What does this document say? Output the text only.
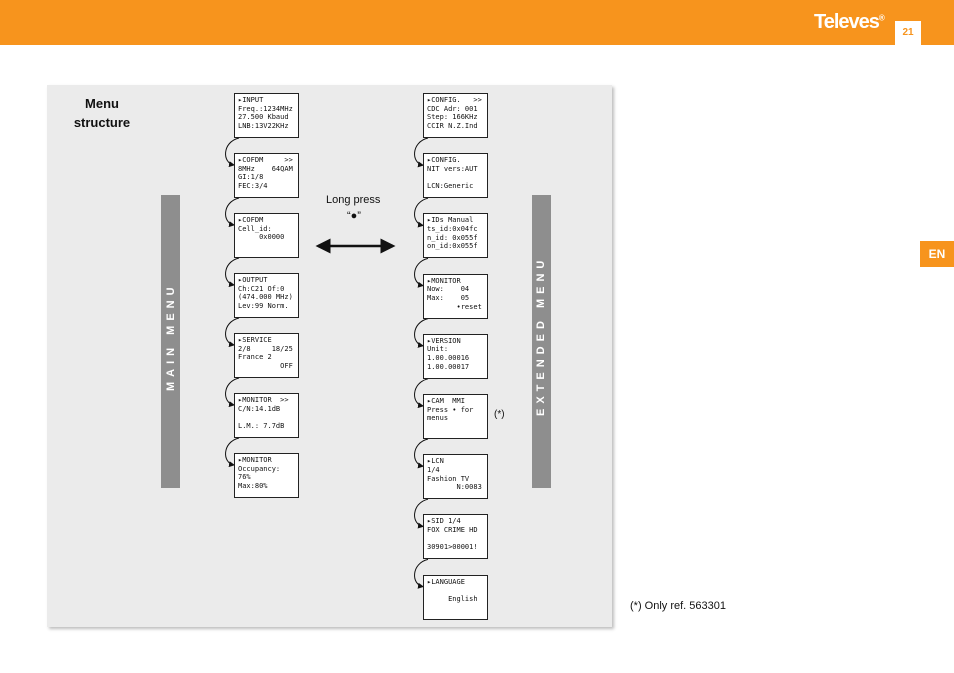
Televes®
21
EN
Menu
structure
MAIN MENU	EXTENDED MENU
▸INPUT
Freq.:1234MHz
27.500 Kbaud
LNB:13V22KHz
▸COFDM     >>
8MHz    64QAM
GI:1/8
FEC:3/4
▸COFDM
Cell_id:
0x0000
▸OUTPUT
Ch:C21 Of:0
(474.000 MHz)
Lev:99 Norm.
▸SERVICE
2/8     18/25
France 2
OFF
▸MONITOR  >>
C/N:14.1dB
L.M.: 7.7dB
▸MONITOR
Occupancy:
76%
Max:80%
▸CONFIG.   >>
CDC Adr: 001
Step: 166KHz
CCIR N.Z.Ind
▸CONFIG.
NIT vers:AUT
LCN:Generic
▸IDs Manual
ts_id:0x04fc
n_id: 0x055f
on_id:0x055f
▸MONITOR
Now:    04
Max:    05
•reset
▸VERSION
Unit:
1.00.00016
1.00.00017
▸CAM  MMI
Press • for
menus
▸LCN
1/4
Fashion TV
N:0083
▸SID 1/4
FOX CRIME HD
30901>00001!
▸LANGUAGE
English
Long press
“●”
(*)
(*) Only ref. 563301
